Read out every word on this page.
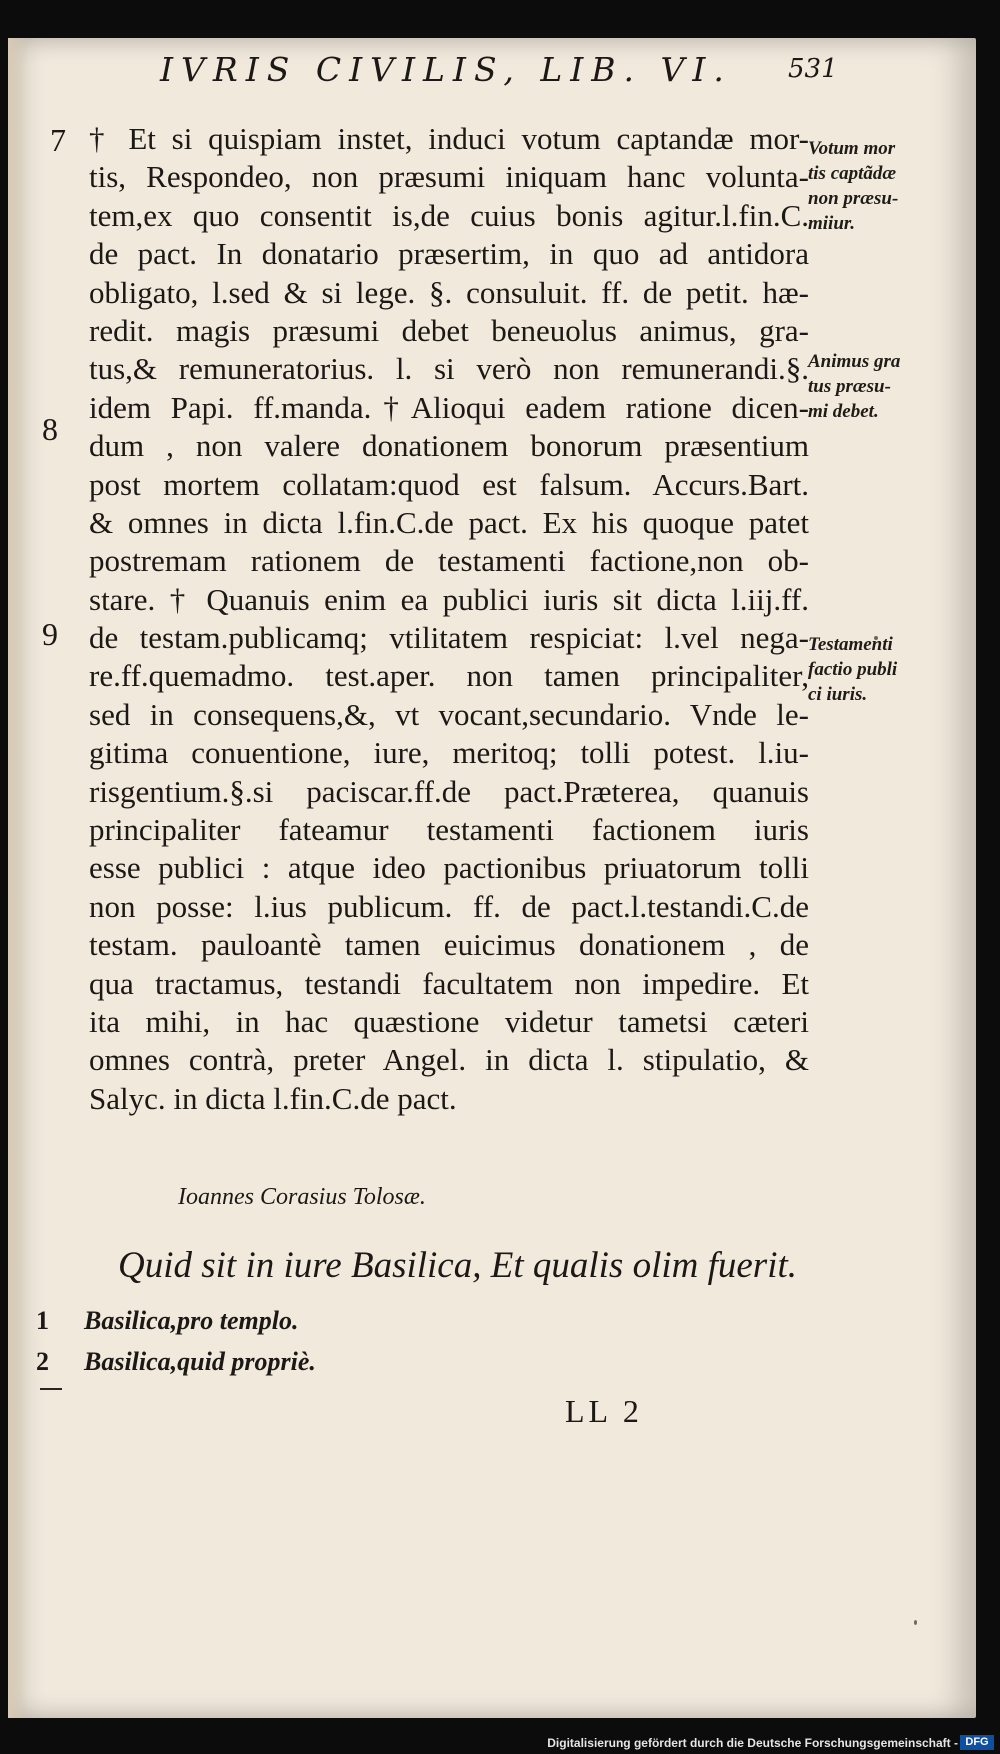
IVRIS CIVILIS, LIB. VI. 531
7
8
9
† Et si quispiam instet, induci votum captandæ mor-
tis, Respondeo, non præsumi iniquam hanc volunta-
tem,ex quo consentit is,de cuius bonis agitur.l.fin.C.
de pact. In donatario præsertim, in quo ad antidora
obligato, l.sed & si lege. §. consuluit. ff. de petit. hæ-
redit. magis præsumi debet beneuolus animus, gra-
tus,& remuneratorius. l. si verò non remunerandi.§.
idem Papi. ff.manda.†Alioqui eadem ratione dicen-
dum , non valere donationem bonorum præsentium
post mortem collatam:quod est falsum. Accurs.Bart.
& omnes in dicta l.fin.C.de pact. Ex his quoque patet
postremam rationem de testamenti factione,non ob-
stare. † Quanuis enim ea publici iuris sit dicta l.iij.ff.
de testam.publicamq; vtilitatem respiciat: l.vel nega-
re.ff.quemadmo. test.aper. non tamen principaliter,
sed in consequens,&, vt vocant,secundario. Vnde le-
gitima conuentione, iure, meritoq; tolli potest. l.iu-
risgentium.§.si paciscar.ff.de pact.Præterea, quanuis
principaliter fateamur testamenti factionem iuris
esse publici : atque ideo pactionibus priuatorum tolli
non posse: l.ius publicum. ff. de pact.l.testandi.C.de
testam. pauloantè tamen euicimus donationem , de
qua tractamus, testandi facultatem non impedire. Et
ita mihi, in hac quæstione videtur tametsi cæteri
omnes contrà, preter Angel. in dicta l. stipulatio, &
Salyc. in dicta l.fin.C.de pact.
Votum mor
tis captãdæ
non præsu-
miiur.
Animus gra
tus præsu-
mi debet.
Testamenti
factio publi
ci iuris.
Ioannes Corasius Tolosæ.
Quid sit in iure Basilica, Et qualis olim fuerit.
1 Basilica,pro templo.
2 Basilica,quid propriè.
LL 2
Digitalisierung gefördert durch die Deutsche Forschungsgemeinschaft - DFG
